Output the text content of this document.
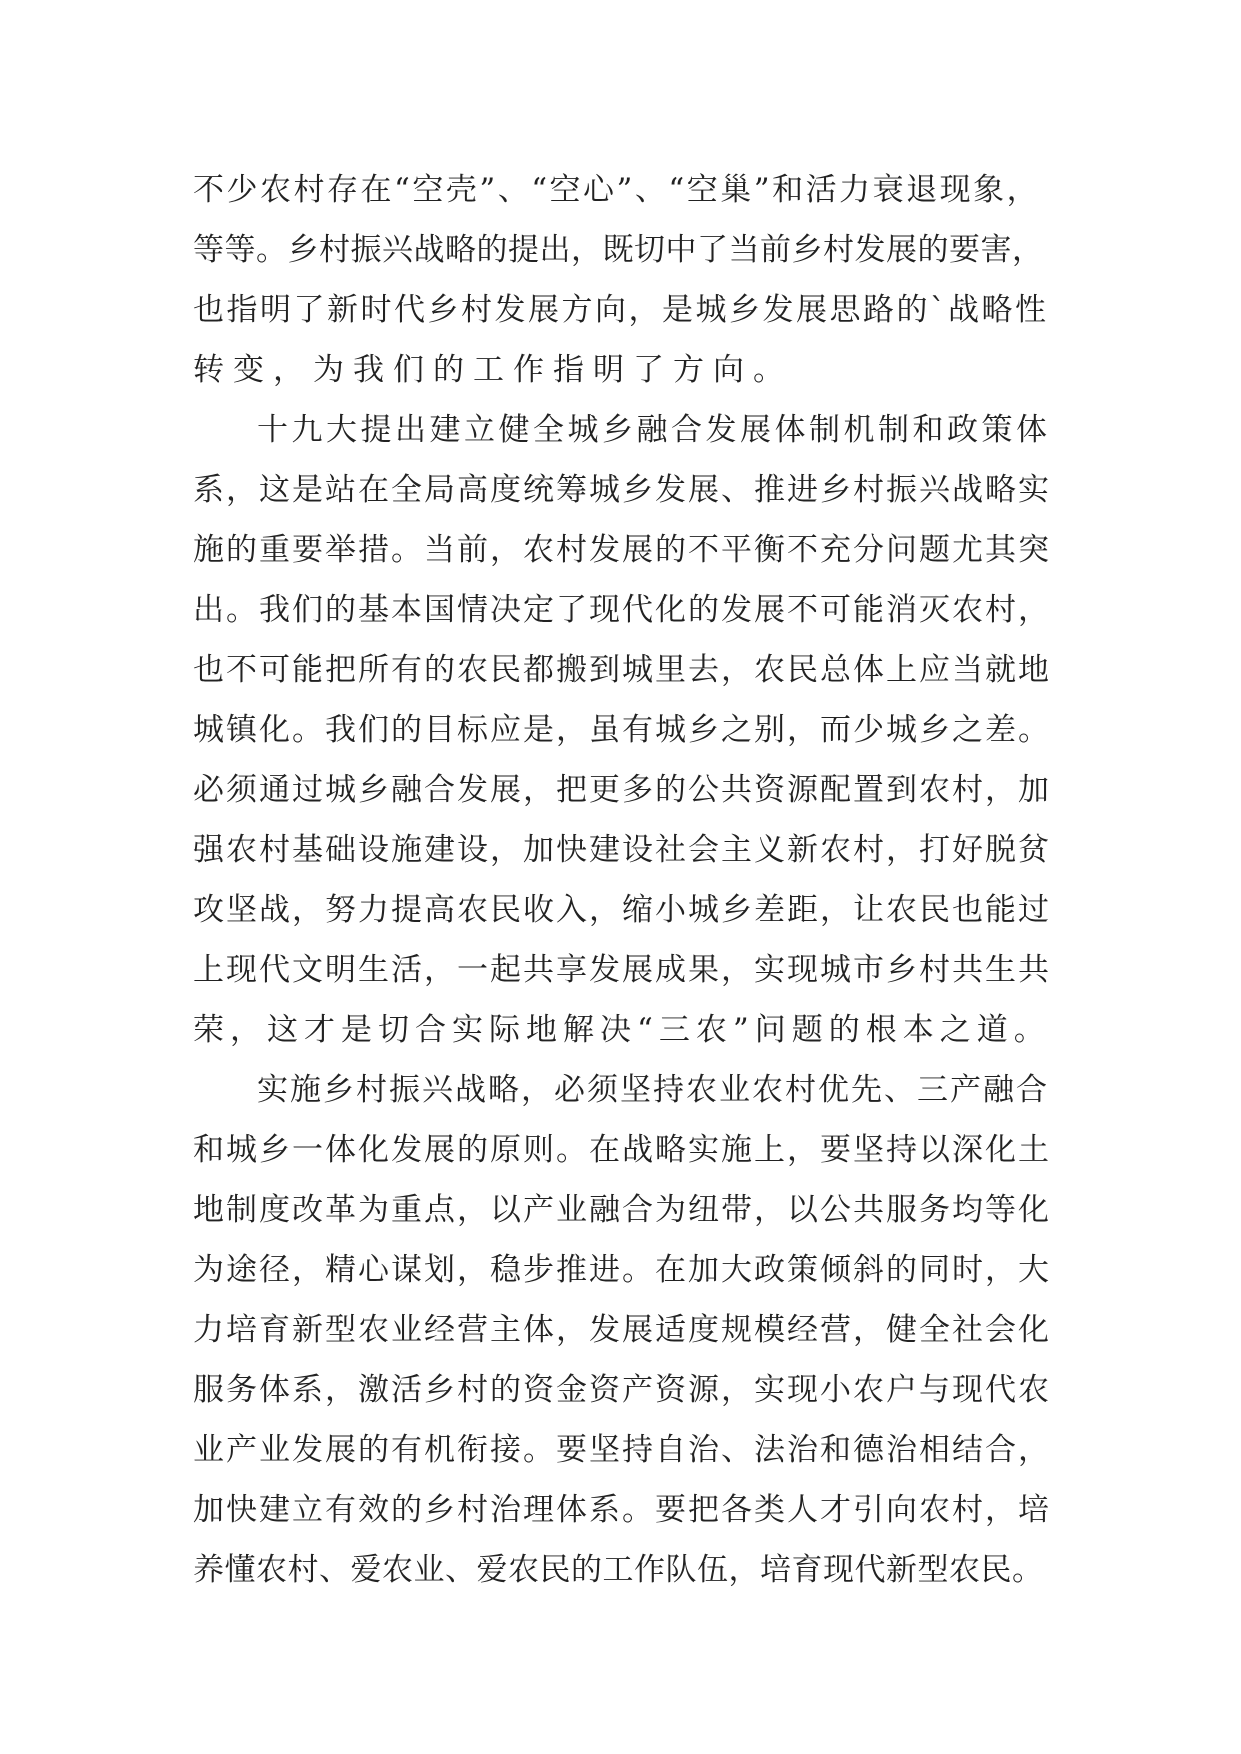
不少农村存在“空壳”、“空心”、“空巢”和活力衰退现象，
等等。乡村振兴战略的提出，既切中了当前乡村发展的要害，
也指明了新时代乡村发展方向，是城乡发展思路的`战略性
转变，为我们的工作指明了方向。
十九大提出建立健全城乡融合发展体制机制和政策体
系，这是站在全局高度统筹城乡发展、推进乡村振兴战略实
施的重要举措。当前，农村发展的不平衡不充分问题尤其突
出。我们的基本国情决定了现代化的发展不可能消灭农村，
也不可能把所有的农民都搬到城里去，农民总体上应当就地
城镇化。我们的目标应是，虽有城乡之别，而少城乡之差。
必须通过城乡融合发展，把更多的公共资源配置到农村，加
强农村基础设施建设，加快建设社会主义新农村，打好脱贫
攻坚战，努力提高农民收入，缩小城乡差距，让农民也能过
上现代文明生活，一起共享发展成果，实现城市乡村共生共
荣，这才是切合实际地解决“三农”问题的根本之道。
实施乡村振兴战略，必须坚持农业农村优先、三产融合
和城乡一体化发展的原则。在战略实施上，要坚持以深化土
地制度改革为重点，以产业融合为纽带，以公共服务均等化
为途径，精心谋划，稳步推进。在加大政策倾斜的同时，大
力培育新型农业经营主体，发展适度规模经营，健全社会化
服务体系，激活乡村的资金资产资源，实现小农户与现代农
业产业发展的有机衔接。要坚持自治、法治和德治相结合，
加快建立有效的乡村治理体系。要把各类人才引向农村，培
养懂农村、爱农业、爱农民的工作队伍，培育现代新型农民。
